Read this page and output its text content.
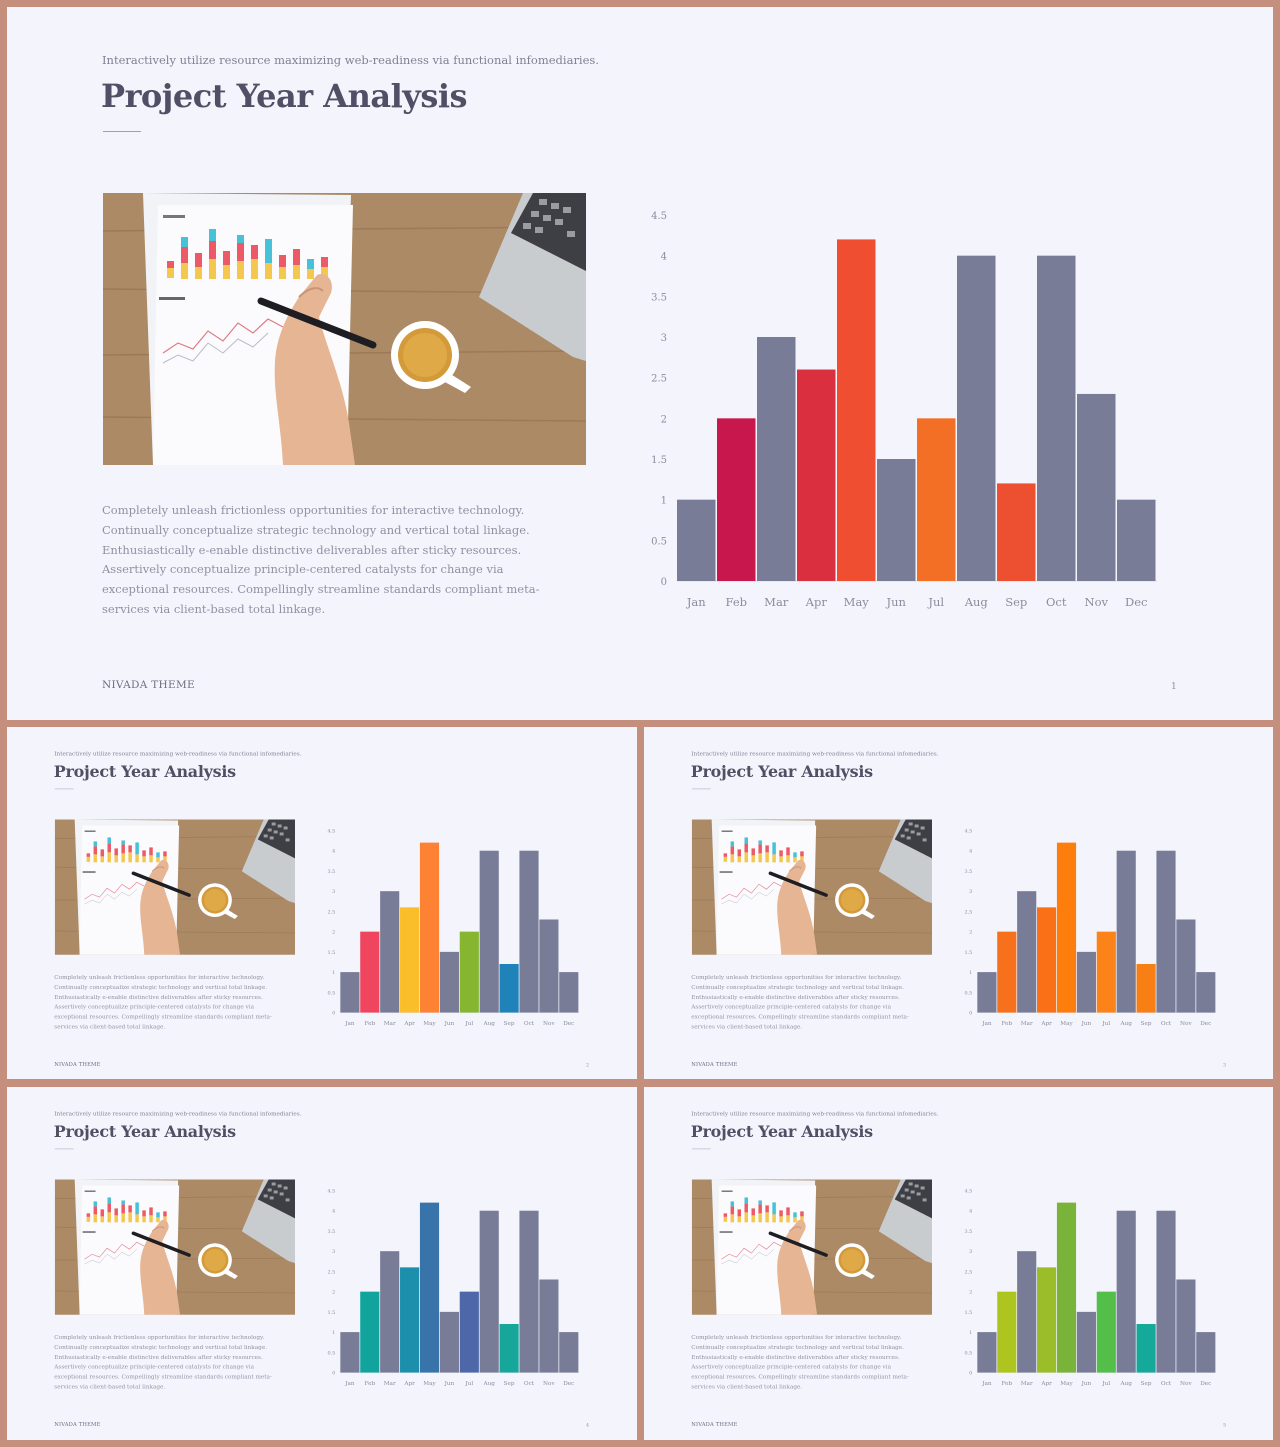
Interactively utilize resource maximizing web-readiness via functional infomediaries.
Project Year Analysis
Completely unleash frictionless opportunities for interactive technology. Continually conceptualize strategic technology and vertical total linkage. Enthusiastically e-enable distinctive deliverables after sticky resources. Assertively conceptualize principle-centered catalysts for change via exceptional resources. Compellingly streamline standards compliant meta-services via client-based total linkage.
0
0.5
1
1.5
2
2.5
3
3.5
4
4.5
Jan Feb Mar Apr May Jun Jul Aug Sep Oct Nov Dec
NIVADA THEME	1
Interactively utilize resource maximizing web-readiness via functional infomediaries.
Project Year Analysis
Completely unleash frictionless opportunities for interactive technology. Continually conceptualize strategic technology and vertical total linkage. Enthusiastically e-enable distinctive deliverables after sticky resources. Assertively conceptualize principle-centered catalysts for change via exceptional resources. Compellingly streamline standards compliant meta-services via client-based total linkage.
0
0.5
1
1.5
2
2.5
3
3.5
4
4.5
Jan Feb Mar Apr May Jun Jul Aug Sep Oct Nov Dec
NIVADA THEME	2
Interactively utilize resource maximizing web-readiness via functional infomediaries.
Project Year Analysis
Completely unleash frictionless opportunities for interactive technology. Continually conceptualize strategic technology and vertical total linkage. Enthusiastically e-enable distinctive deliverables after sticky resources. Assertively conceptualize principle-centered catalysts for change via exceptional resources. Compellingly streamline standards compliant meta-services via client-based total linkage.
0
0.5
1
1.5
2
2.5
3
3.5
4
4.5
Jan Feb Mar Apr May Jun Jul Aug Sep Oct Nov Dec
NIVADA THEME	3
Interactively utilize resource maximizing web-readiness via functional infomediaries.
Project Year Analysis
Completely unleash frictionless opportunities for interactive technology. Continually conceptualize strategic technology and vertical total linkage. Enthusiastically e-enable distinctive deliverables after sticky resources. Assertively conceptualize principle-centered catalysts for change via exceptional resources. Compellingly streamline standards compliant meta-services via client-based total linkage.
0
0.5
1
1.5
2
2.5
3
3.5
4
4.5
Jan Feb Mar Apr May Jun Jul Aug Sep Oct Nov Dec
NIVADA THEME	4
Interactively utilize resource maximizing web-readiness via functional infomediaries.
Project Year Analysis
Completely unleash frictionless opportunities for interactive technology. Continually conceptualize strategic technology and vertical total linkage. Enthusiastically e-enable distinctive deliverables after sticky resources. Assertively conceptualize principle-centered catalysts for change via exceptional resources. Compellingly streamline standards compliant meta-services via client-based total linkage.
0
0.5
1
1.5
2
2.5
3
3.5
4
4.5
Jan Feb Mar Apr May Jun Jul Aug Sep Oct Nov Dec
NIVADA THEME	5
